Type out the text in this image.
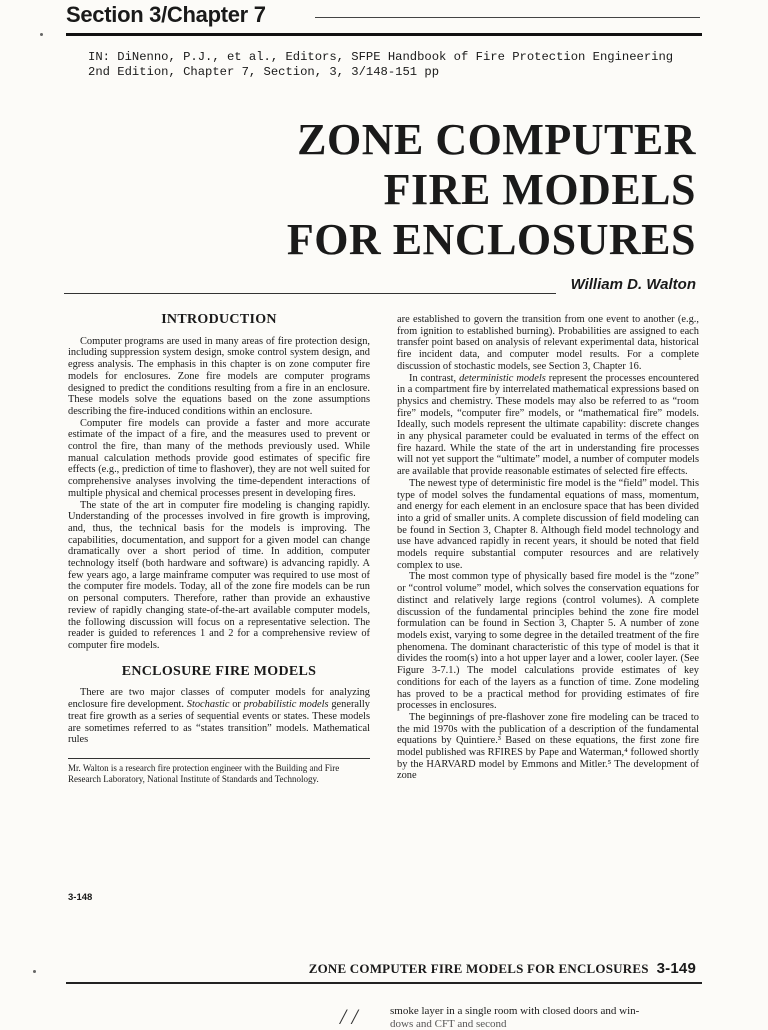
Section 3/Chapter 7
IN: DiNenno, P.J., et al., Editors, SFPE Handbook of Fire Protection Engineering
2nd Edition, Chapter 7, Section, 3, 3/148-151 pp
ZONE COMPUTER
FIRE MODELS
FOR ENCLOSURES
William D. Walton
INTRODUCTION

Computer programs are used in many areas of fire protection design, including suppression system design, smoke control system design, and egress analysis. The emphasis in this chapter is on zone computer fire models for enclosures. Zone fire models are computer programs designed to predict the conditions resulting from a fire in an enclosure. These models solve the equations based on the zone assumptions describing the fire-induced conditions within an enclosure.

Computer fire models can provide a faster and more accurate estimate of the impact of a fire, and the measures used to prevent or control the fire, than many of the methods previously used. While manual calculation methods provide good estimates of specific fire effects (e.g., prediction of time to flashover), they are not well suited for comprehensive analyses involving the time-dependent interactions of multiple physical and chemical processes present in developing fires.

The state of the art in computer fire modeling is changing rapidly. Understanding of the processes involved in fire growth is improving, and, thus, the technical basis for the models is improving. The capabilities, documentation, and support for a given model can change dramatically over a short period of time. In addition, computer technology itself (both hardware and software) is advancing rapidly. A few years ago, a large mainframe computer was required to use most of the computer fire models. Today, all of the zone fire models can be run on personal computers. Therefore, rather than provide an exhaustive review of rapidly changing state-of-the-art available computer models, the following discussion will focus on a representative selection. The reader is guided to references 1 and 2 for a comprehensive review of computer fire models.

ENCLOSURE FIRE MODELS

There are two major classes of computer models for analyzing enclosure fire development. Stochastic or probabilistic models generally treat fire growth as a series of sequential events or states. These models are sometimes referred to as “states transition” models. Mathematical rules

Mr. Walton is a research fire protection engineer with the Building and Fire Research Laboratory, National Institute of Standards and Technology.

3-148

are established to govern the transition from one event to another (e.g., from ignition to established burning). Probabilities are assigned to each transfer point based on analysis of relevant experimental data, historical fire incident data, and computer model results. For a complete discussion of stochastic models, see Section 3, Chapter 16.

In contrast, deterministic models represent the processes encountered in a compartment fire by interrelated mathematical expressions based on physics and chemistry. These models may also be referred to as “room fire” models, “computer fire” models, or “mathematical fire” models. Ideally, such models represent the ultimate capability: discrete changes in any physical parameter could be evaluated in terms of the effect on fire hazard. While the state of the art in understanding fire processes will not yet support the “ultimate” model, a number of computer models are available that provide reasonable estimates of selected fire effects.

The newest type of deterministic fire model is the “field” model. This type of model solves the fundamental equations of mass, momentum, and energy for each element in an enclosure space that has been divided into a grid of smaller units. A complete discussion of field modeling can be found in Section 3, Chapter 8. Although field model technology and use have advanced rapidly in recent years, it should be noted that field models require substantial computer resources and are relatively complex to use.

The most common type of physically based fire model is the “zone” or “control volume” model, which solves the conservation equations for distinct and relatively large regions (control volumes). A complete discussion of the fundamental principles behind the zone fire model formulation can be found in Section 3, Chapter 5. A number of zone models exist, varying to some degree in the detailed treatment of the fire phenomena. The dominant characteristic of this type of model is that it divides the room(s) into a hot upper layer and a lower, cooler layer. (See Figure 3-7.1.) The model calculations provide estimates of key conditions for each of the layers as a function of time. Zone modeling has proved to be a practical method for providing estimates of fire processes in enclosures.

The beginnings of pre-flashover zone fire modeling can be traced to the mid 1970s with the publication of a description of the fundamental equations by Quintiere.³ Based on these equations, the first zone fire model published was RFIRES by Pape and Waterman,⁴ followed shortly by the HARVARD model by Emmons and Mitler.⁵ The development of zone

ZONE COMPUTER FIRE MODELS FOR ENCLOSURES 3-149
/ /	smoke layer in a single room with closed doors and win-
dows and CFT and second
